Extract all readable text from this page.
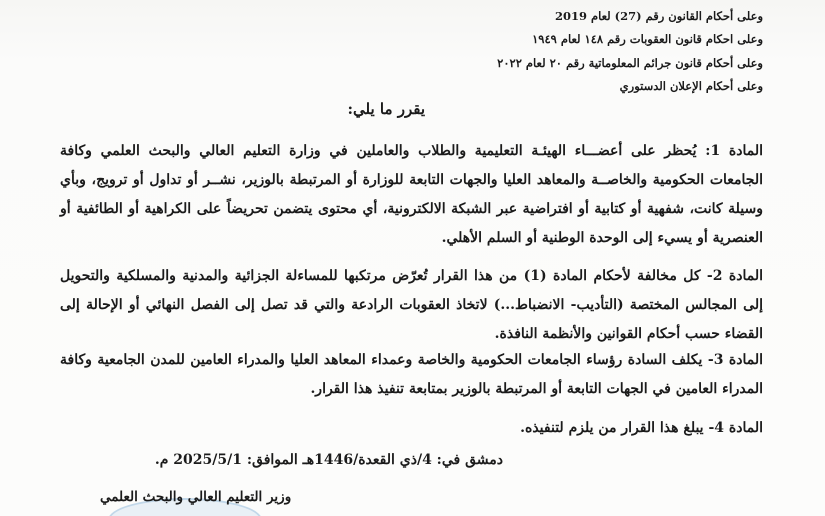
وعلى أحكام القانون رقم (27) لعام 2019
وعلى احكام قانون العقوبات رقم ١٤٨ لعام ١٩٤٩
وعلى أحكام قانون جرائم المعلوماتية رقم ٢٠ لعام ٢٠٢٢
وعلى أحكام الإعلان الدستوري
يقرر ما يلي:
المادة 1: يُحظر على أعضـــاء الهيئـة التعليمية والطلاب والعاملين في وزارة التعليم العالي والبحث العلمي وكافة الجامعات الحكومية والخاصــة والمعاهد العليا والجهات التابعة للوزارة أو المرتبطة بالوزير، نشــر أو تداول أو ترويج، وبأي وسيلة كانت، شفهية أو كتابية أو افتراضية عبر الشبكة الالكترونية، أي محتوى يتضمن تحريضاً على الكراهية أو الطائفية أو العنصرية أو يسيء إلى الوحدة الوطنية أو السلم الأهلي.
المادة 2- كل مخالفة لأحكام المادة (1) من هذا القرار تُعرّض مرتكبها للمساءلة الجزائية والمدنية والمسلكية والتحويل إلى المجالس المختصة (التأديب- الانضباط...) لاتخاذ العقوبات الرادعة والتي قد تصل إلى الفصل النهائي أو الإحالة إلى القضاء حسب أحكام القوانين والأنظمة النافذة.
المادة 3- يكلف السادة رؤساء الجامعات الحكومية والخاصة وعمداء المعاهد العليا والمدراء العامين للمدن الجامعية وكافة المدراء العامين في الجهات التابعة أو المرتبطة بالوزير بمتابعة تنفيذ هذا القرار.
المادة 4- يبلغ هذا القرار من يلزم لتنفيذه.
دمشق في: 4/ذي القعدة/1446هـ الموافق: 2025/5/1 م.
وزير التعليم العالي والبحث العلمي
